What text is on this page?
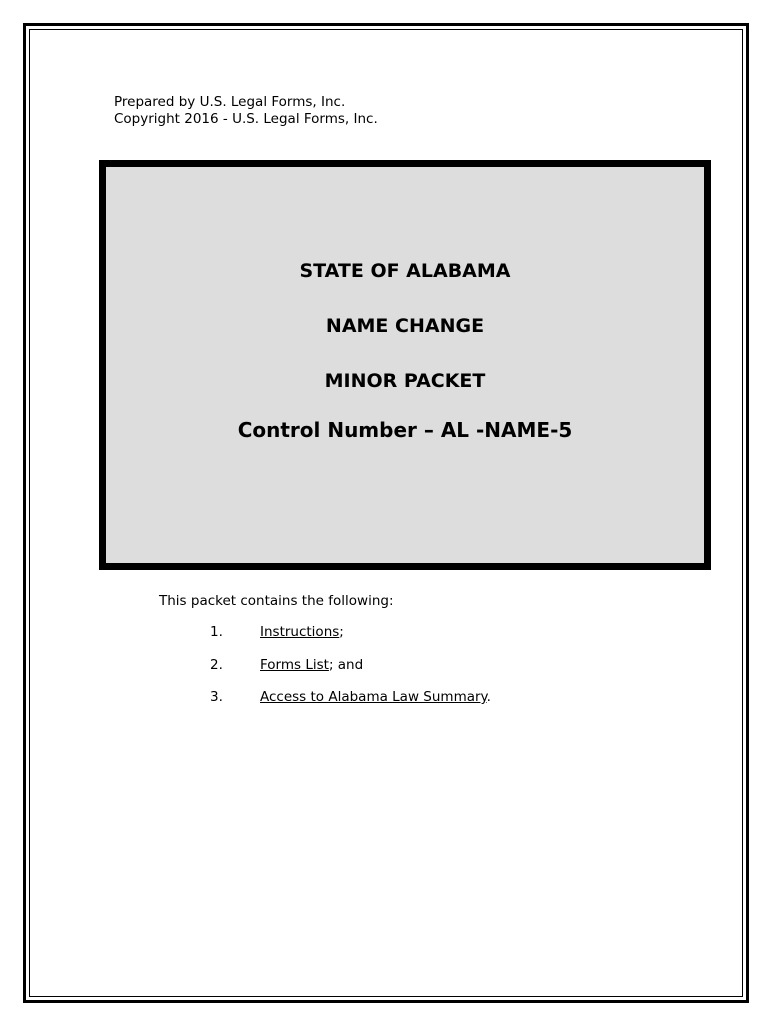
Prepared by U.S. Legal Forms, Inc.
Copyright 2016 - U.S. Legal Forms, Inc.
STATE OF ALABAMA
NAME CHANGE
MINOR PACKET
Control Number – AL -NAME-5
This packet contains the following:
1.	Instructions;
2.	Forms List; and
3.	Access to Alabama Law Summary.
